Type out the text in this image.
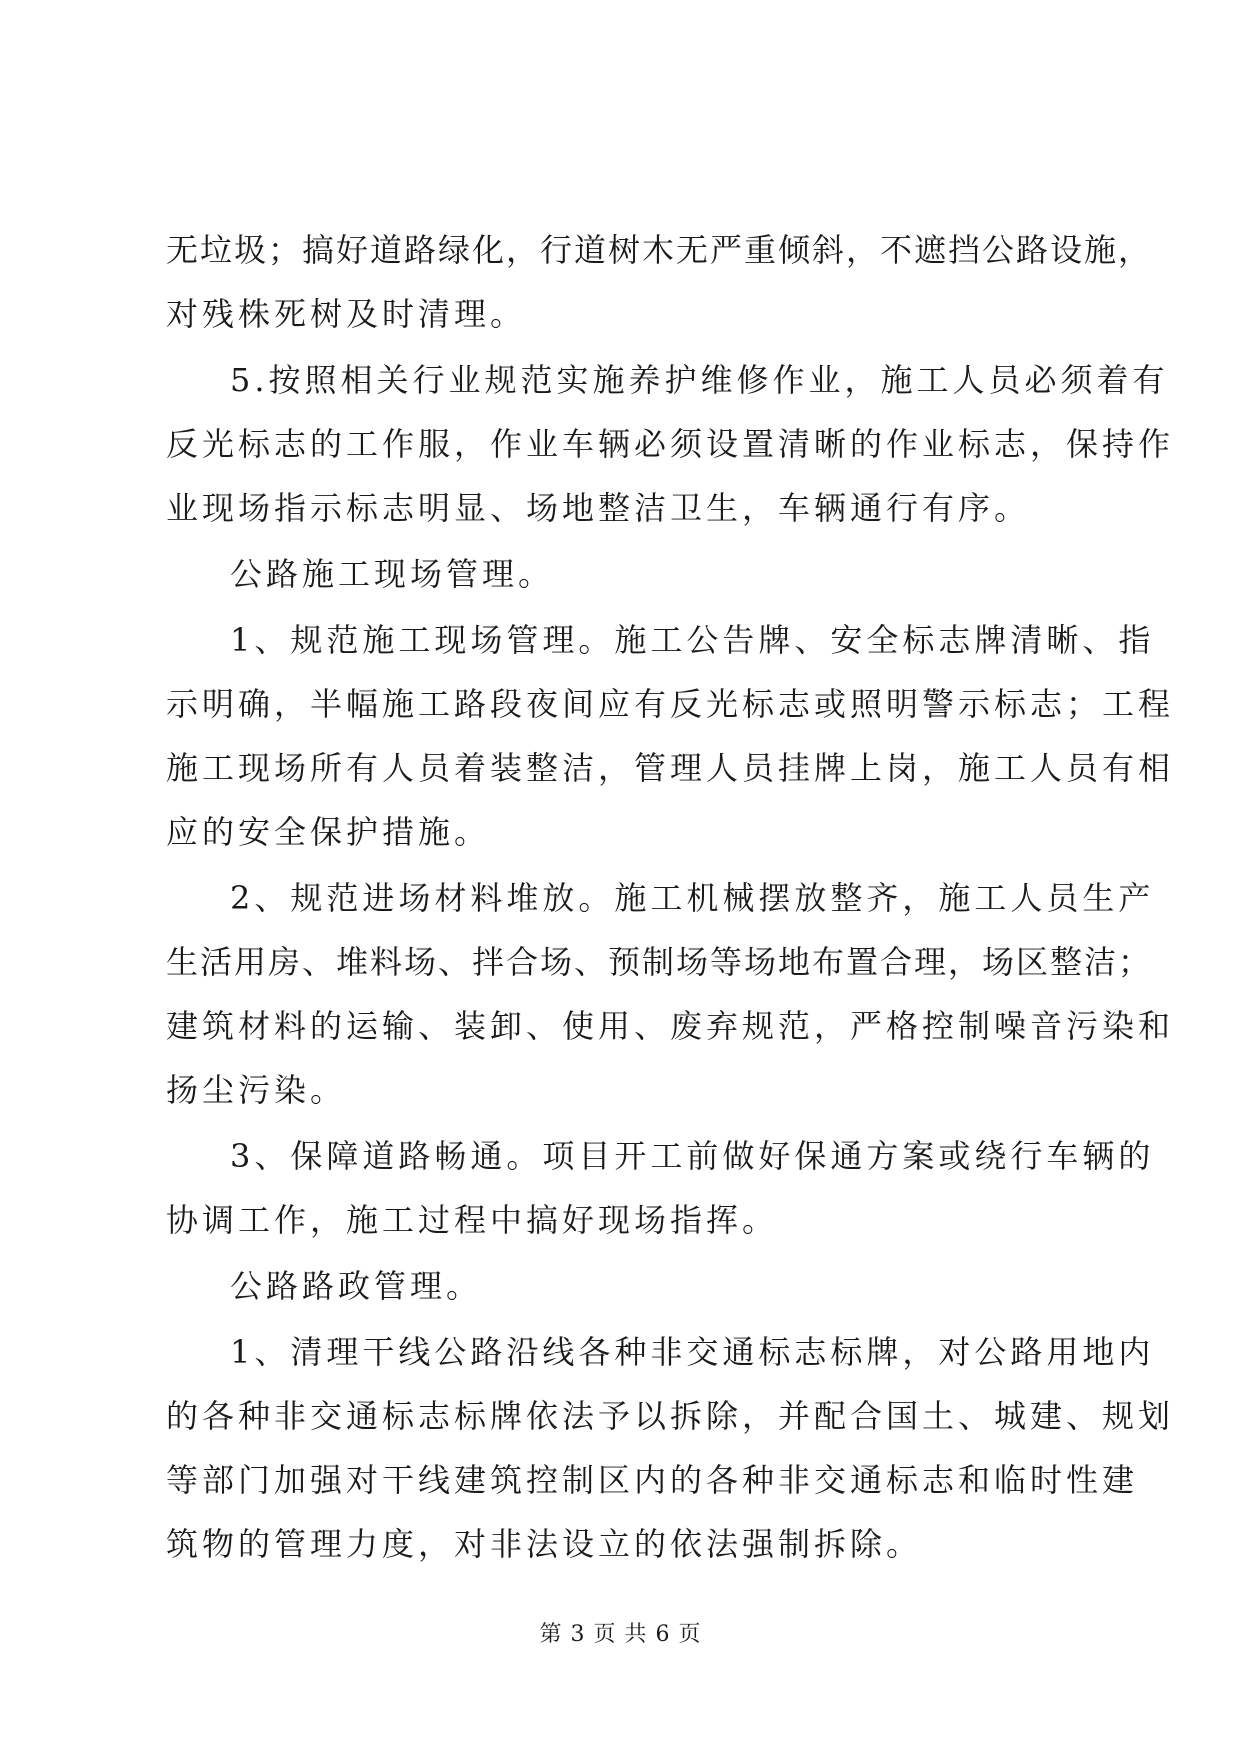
无垃圾；搞好道路绿化，行道树木无严重倾斜，不遮挡公路设施，
对残株死树及时清理。
5.按照相关行业规范实施养护维修作业，施工人员必须着有
反光标志的工作服，作业车辆必须设置清晰的作业标志，保持作
业现场指示标志明显、场地整洁卫生，车辆通行有序。
公路施工现场管理。
1、规范施工现场管理。施工公告牌、安全标志牌清晰、指
示明确，半幅施工路段夜间应有反光标志或照明警示标志；工程
施工现场所有人员着装整洁，管理人员挂牌上岗，施工人员有相
应的安全保护措施。
2、规范进场材料堆放。施工机械摆放整齐，施工人员生产
生活用房、堆料场、拌合场、预制场等场地布置合理，场区整洁；
建筑材料的运输、装卸、使用、废弃规范，严格控制噪音污染和
扬尘污染。
3、保障道路畅通。项目开工前做好保通方案或绕行车辆的
协调工作，施工过程中搞好现场指挥。
公路路政管理。
1、清理干线公路沿线各种非交通标志标牌，对公路用地内
的各种非交通标志标牌依法予以拆除，并配合国土、城建、规划
等部门加强对干线建筑控制区内的各种非交通标志和临时性建
筑物的管理力度，对非法设立的依法强制拆除。
第 3 页 共 6 页
